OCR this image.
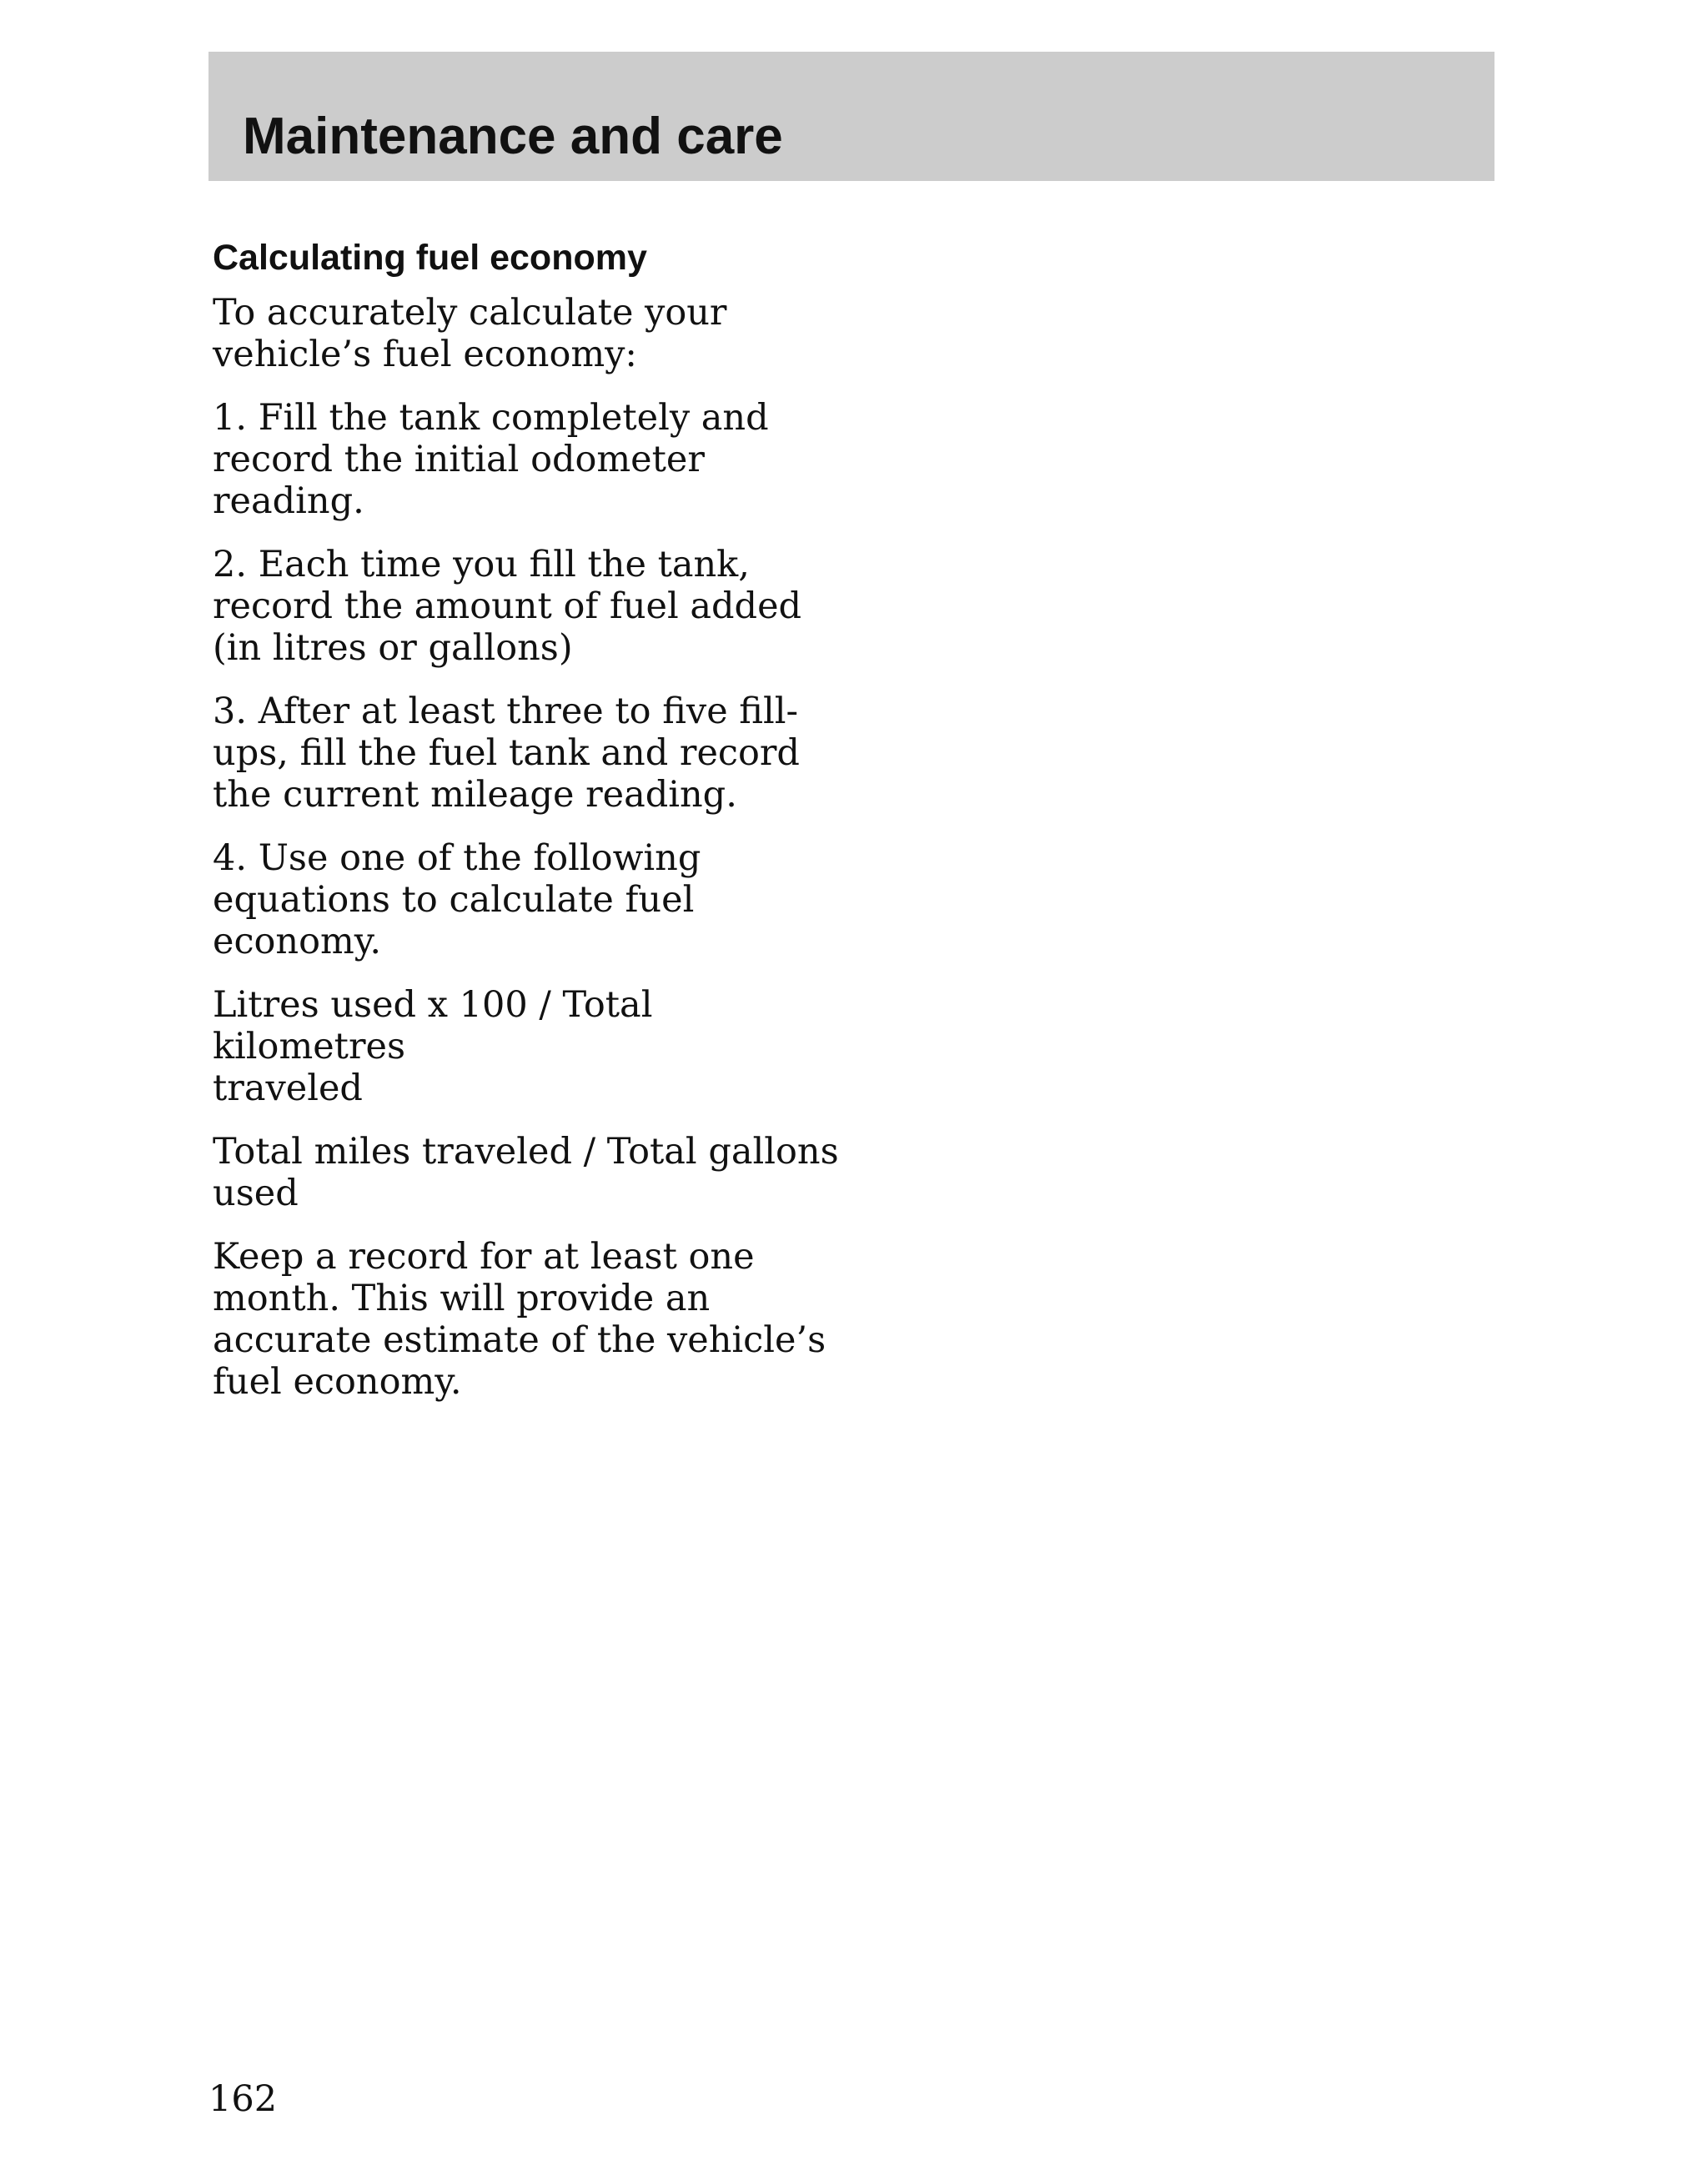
Maintenance and care
Calculating fuel economy

To accurately calculate your
vehicle’s fuel economy:

1. Fill the tank completely and
record the initial odometer reading.

2. Each time you fill the tank,
record the amount of fuel added
(in litres or gallons)

3. After at least three to five fill-
ups, fill the fuel tank and record
the current mileage reading.

4. Use one of the following
equations to calculate fuel
economy.

Litres used x 100 / Total kilometres
traveled

Total miles traveled / Total gallons
used

Keep a record for at least one
month. This will provide an
accurate estimate of the vehicle’s
fuel economy.

162
